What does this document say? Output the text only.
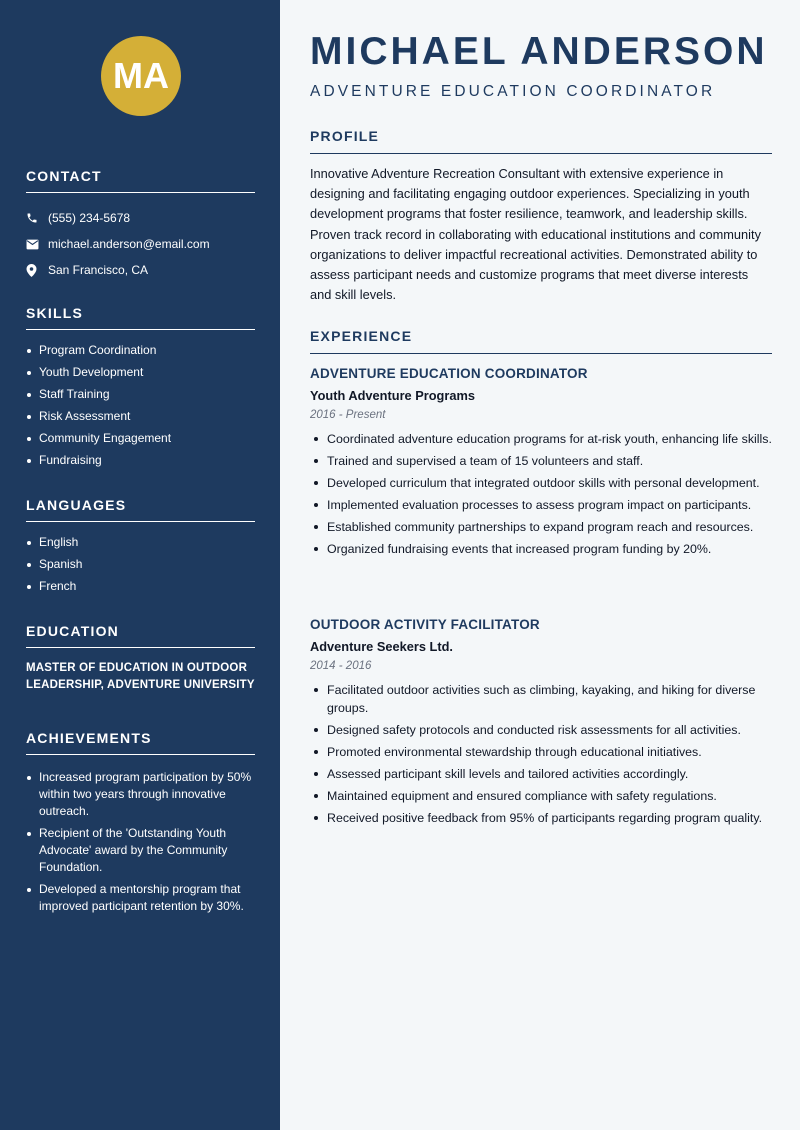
MA
CONTACT
(555) 234-5678
michael.anderson@email.com
San Francisco, CA
SKILLS
Program Coordination
Youth Development
Staff Training
Risk Assessment
Community Engagement
Fundraising
LANGUAGES
English
Spanish
French
EDUCATION
MASTER OF EDUCATION IN OUTDOOR LEADERSHIP, ADVENTURE UNIVERSITY
ACHIEVEMENTS
Increased program participation by 50% within two years through innovative outreach.
Recipient of the 'Outstanding Youth Advocate' award by the Community Foundation.
Developed a mentorship program that improved participant retention by 30%.
MICHAEL ANDERSON
ADVENTURE EDUCATION COORDINATOR
PROFILE
Innovative Adventure Recreation Consultant with extensive experience in designing and facilitating engaging outdoor experiences. Specializing in youth development programs that foster resilience, teamwork, and leadership skills. Proven track record in collaborating with educational institutions and community organizations to deliver impactful recreational activities. Demonstrated ability to assess participant needs and customize programs that meet diverse interests and skill levels.
EXPERIENCE
ADVENTURE EDUCATION COORDINATOR
Youth Adventure Programs
2016 - Present
Coordinated adventure education programs for at-risk youth, enhancing life skills.
Trained and supervised a team of 15 volunteers and staff.
Developed curriculum that integrated outdoor skills with personal development.
Implemented evaluation processes to assess program impact on participants.
Established community partnerships to expand program reach and resources.
Organized fundraising events that increased program funding by 20%.
OUTDOOR ACTIVITY FACILITATOR
Adventure Seekers Ltd.
2014 - 2016
Facilitated outdoor activities such as climbing, kayaking, and hiking for diverse groups.
Designed safety protocols and conducted risk assessments for all activities.
Promoted environmental stewardship through educational initiatives.
Assessed participant skill levels and tailored activities accordingly.
Maintained equipment and ensured compliance with safety regulations.
Received positive feedback from 95% of participants regarding program quality.
